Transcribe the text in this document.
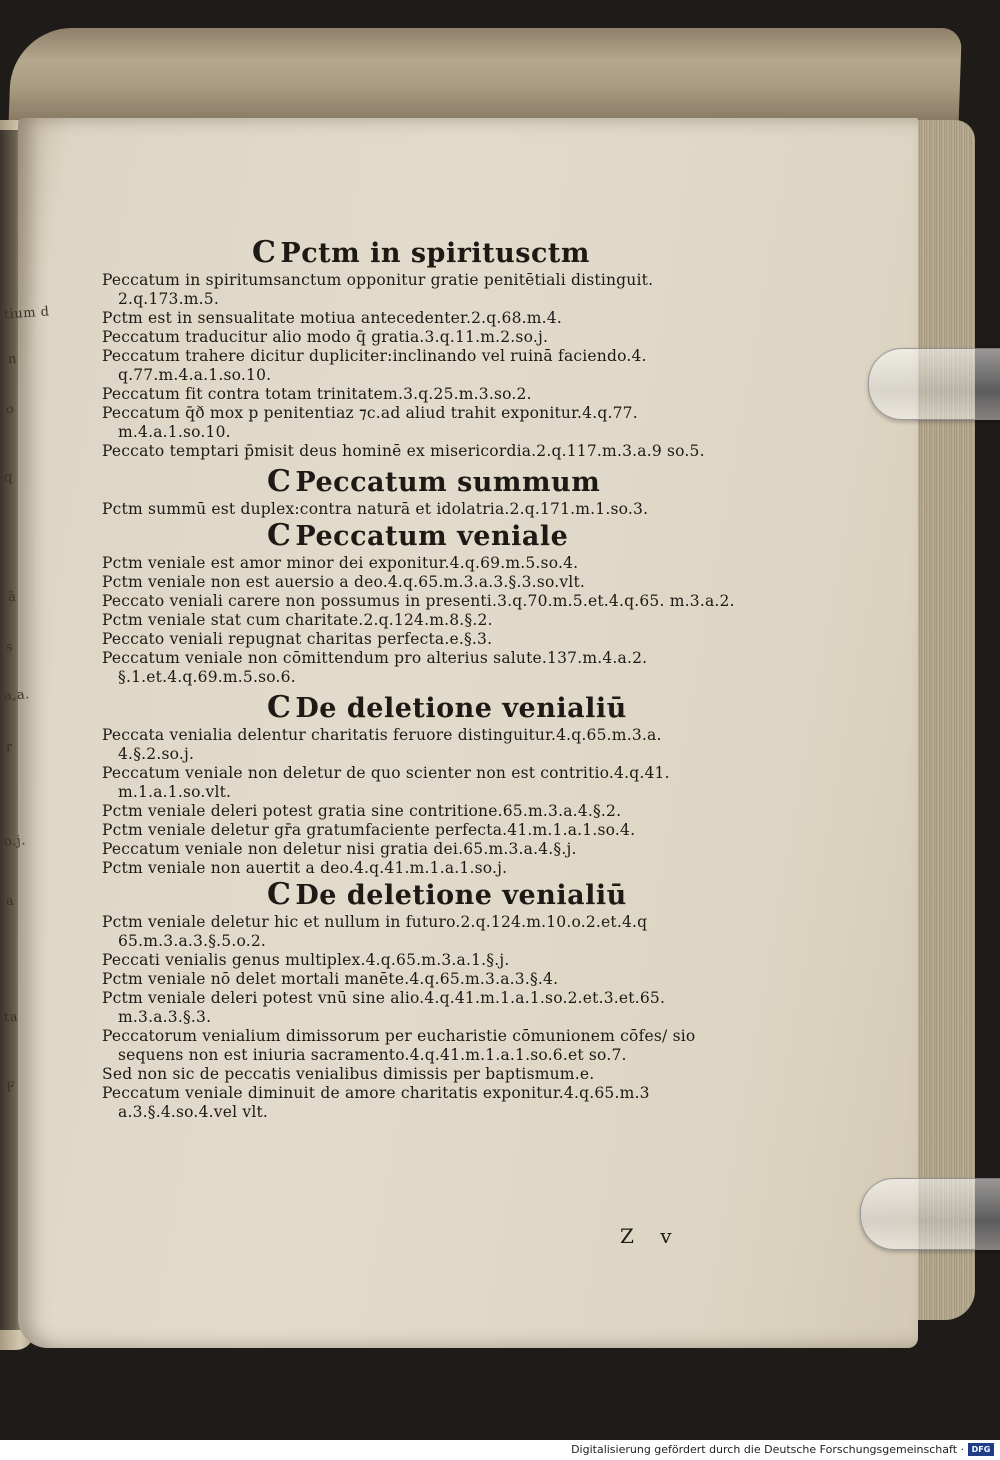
tium d
n
o
q
ã
s
a,a.
r
o.j.
a
ta
F
C Pctm in spiritusctm

Peccatum in spiritumsanctum opponitur gratie penitētiali distinguit. 2.q.173.m.5.

Pctm est in sensualitate motiua antecedenter.2.q.68.m.4.

Peccatum traducitur alio modo q̄ gratia.3.q.11.m.2.so.j.

Peccatum trahere dicitur dupliciter:inclinando vel ruinā faciendo.4. q.77.m.4.a.1.so.10.

Peccatum fit contra totam trinitatem.3.q.25.m.3.so.2.

Peccatum q̄ð mox p penitentiaz ⁊c.ad aliud trahit exponitur.4.q.77. m.4.a.1.so.10.

Peccato temptari p̄misit deus hominē ex misericordia.2.q.117.m.3.a.9 so.5.

C Peccatum summum

Pctm summū est duplex:contra naturā et idolatria.2.q.171.m.1.so.3.

C Peccatum veniale

Pctm veniale est amor minor dei exponitur.4.q.69.m.5.so.4.

Pctm veniale non est auersio a deo.4.q.65.m.3.a.3.§.3.so.vlt.

Peccato veniali carere non possumus in presenti.3.q.70.m.5.et.4.q.65. m.3.a.2.

Pctm veniale stat cum charitate.2.q.124.m.8.§.2.

Peccato veniali repugnat charitas perfecta.e.§.3.

Peccatum veniale non cōmittendum pro alterius salute.137.m.4.a.2. §.1.et.4.q.69.m.5.so.6.

C De deletione venialiū

Peccata venialia delentur charitatis feruore distinguitur.4.q.65.m.3.a. 4.§.2.so.j.

Peccatum veniale non deletur de quo scienter non est contritio.4.q.41. m.1.a.1.so.vlt.

Pctm veniale deleri potest gratia sine contritione.65.m.3.a.4.§.2.

Pctm veniale deletur gr̄a gratumfaciente perfecta.41.m.1.a.1.so.4.

Peccatum veniale non deletur nisi gratia dei.65.m.3.a.4.§.j.

Pctm veniale non auertit a deo.4.q.41.m.1.a.1.so.j.

C De deletione venialiū

Pctm veniale deletur hic et nullum in futuro.2.q.124.m.10.o.2.et.4.q 65.m.3.a.3.§.5.o.2.

Peccati venialis genus multiplex.4.q.65.m.3.a.1.§.j.

Pctm veniale nō delet mortali manēte.4.q.65.m.3.a.3.§.4.

Pctm veniale deleri potest vnū sine alio.4.q.41.m.1.a.1.so.2.et.3.et.65. m.3.a.3.§.3.

Peccatorum venialium dimissorum per eucharistie cōmunionem cōfes/ sio sequens non est iniuria sacramento.4.q.41.m.1.a.1.so.6.et so.7.

Sed non sic de peccatis venialibus dimissis per baptismum.e.

Peccatum veniale diminuit de amore charitatis exponitur.4.q.65.m.3 a.3.§.4.so.4.vel vlt.

Z v
Digitalisierung gefördert durch die Deutsche Forschungsgemeinschaft · DFG
